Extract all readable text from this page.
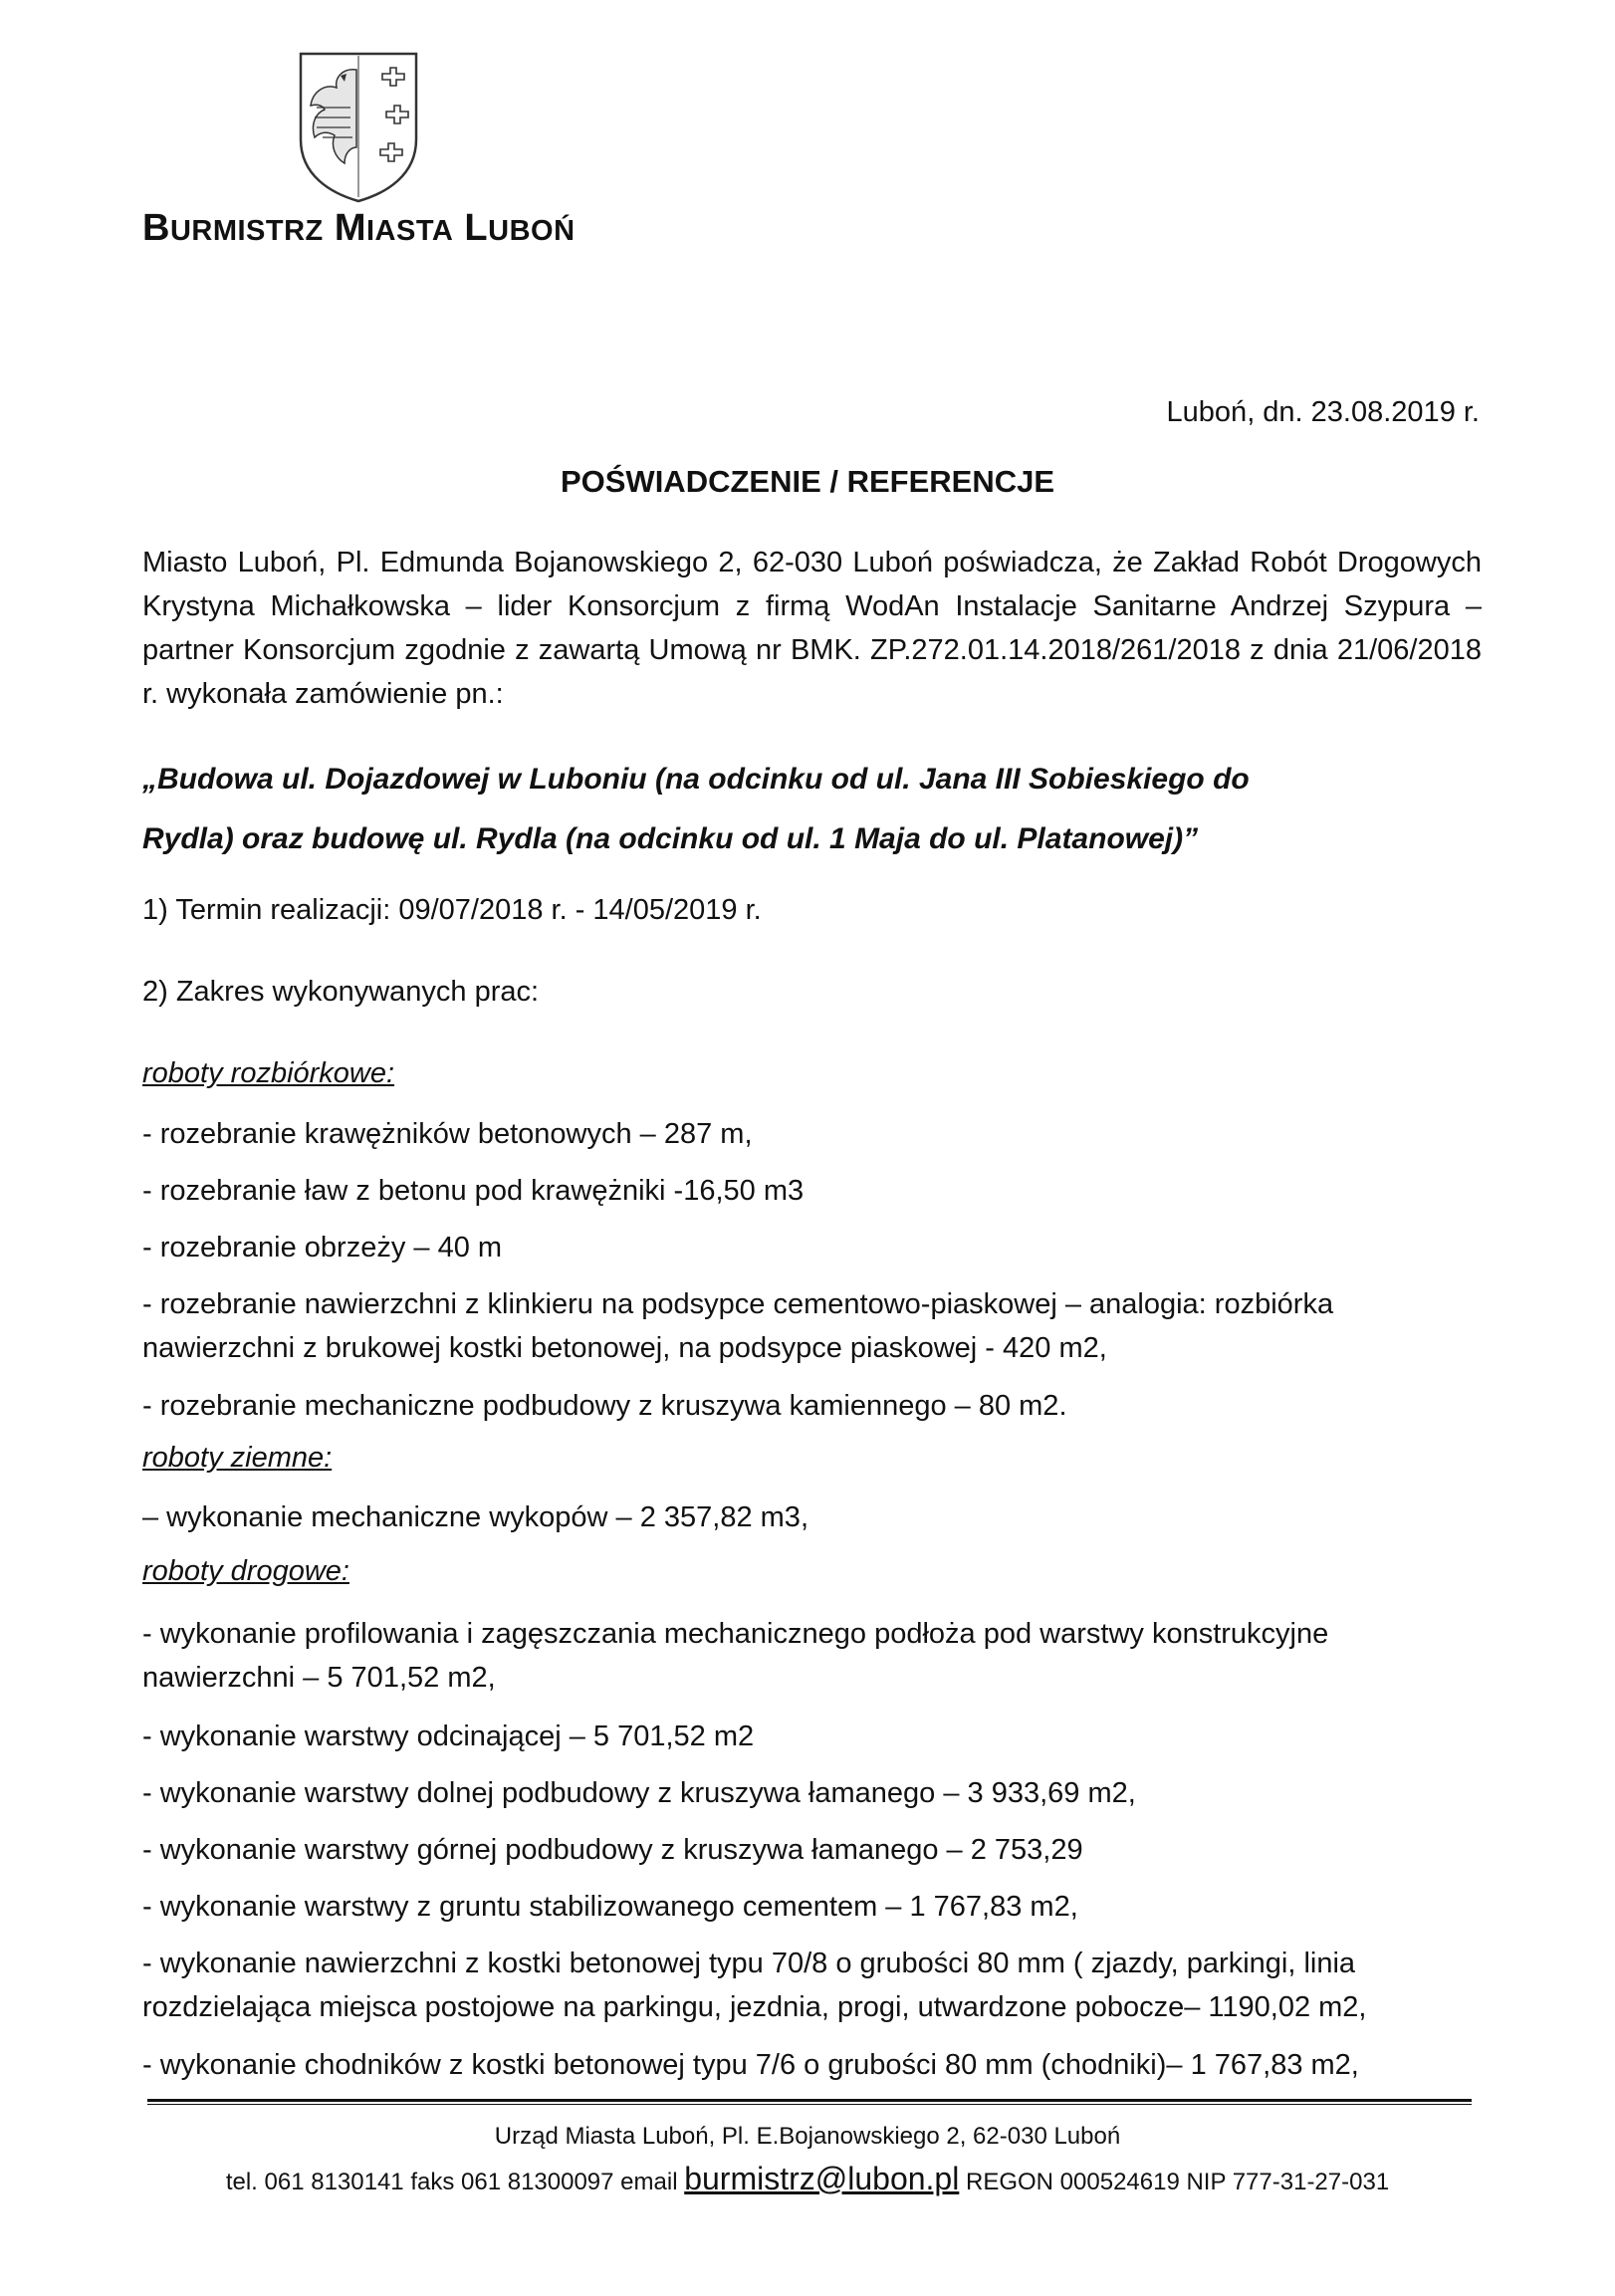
BURMISTRZ MIASTA LUBOŃ
Luboń, dn. 23.08.2019 r.
POŚWIADCZENIE / REFERENCJE
Miasto Luboń, Pl. Edmunda Bojanowskiego 2, 62-030 Luboń poświadcza, że Zakład Robót Drogowych Krystyna Michałkowska – lider Konsorcjum z firmą WodAn Instalacje Sanitarne Andrzej Szypura – partner Konsorcjum zgodnie z zawartą Umową nr BMK. ZP.272.01.14.2018/261/2018 z dnia 21/06/2018 r. wykonała zamówienie pn.:
„Budowa ul. Dojazdowej w Luboniu (na odcinku od ul. Jana III Sobieskiego do
Rydla) oraz budowę ul. Rydla (na odcinku od ul. 1 Maja do ul. Platanowej)”
1) Termin realizacji: 09/07/2018 r. - 14/05/2019 r.
2) Zakres wykonywanych prac:
roboty rozbiórkowe:
- rozebranie krawężników betonowych – 287 m,
- rozebranie ław z betonu pod krawężniki -16,50 m3
- rozebranie obrzeży – 40 m
- rozebranie nawierzchni z klinkieru na podsypce cementowo-piaskowej – analogia: rozbiórka nawierzchni z brukowej kostki betonowej, na podsypce piaskowej - 420 m2,
- rozebranie mechaniczne podbudowy z kruszywa kamiennego – 80 m2.
roboty ziemne:
– wykonanie mechaniczne wykopów – 2 357,82 m3,
roboty drogowe:
- wykonanie profilowania i zagęszczania mechanicznego podłoża pod warstwy konstrukcyjne nawierzchni – 5 701,52 m2,
- wykonanie warstwy odcinającej – 5 701,52 m2
- wykonanie warstwy dolnej podbudowy z kruszywa łamanego – 3 933,69 m2,
- wykonanie warstwy górnej podbudowy z kruszywa łamanego – 2 753,29
- wykonanie warstwy z gruntu stabilizowanego cementem – 1 767,83 m2,
- wykonanie nawierzchni z kostki betonowej typu 70/8 o grubości 80 mm ( zjazdy, parkingi, linia rozdzielająca miejsca postojowe na parkingu, jezdnia, progi, utwardzone pobocze– 1190,02 m2,
- wykonanie chodników z kostki betonowej typu 7/6 o grubości 80 mm (chodniki)– 1 767,83 m2,
Urząd Miasta Luboń, Pl. E.Bojanowskiego 2, 62-030 Luboń
tel. 061 8130141 faks 061 81300097 email burmistrz@lubon.pl REGON 000524619 NIP 777-31-27-031
